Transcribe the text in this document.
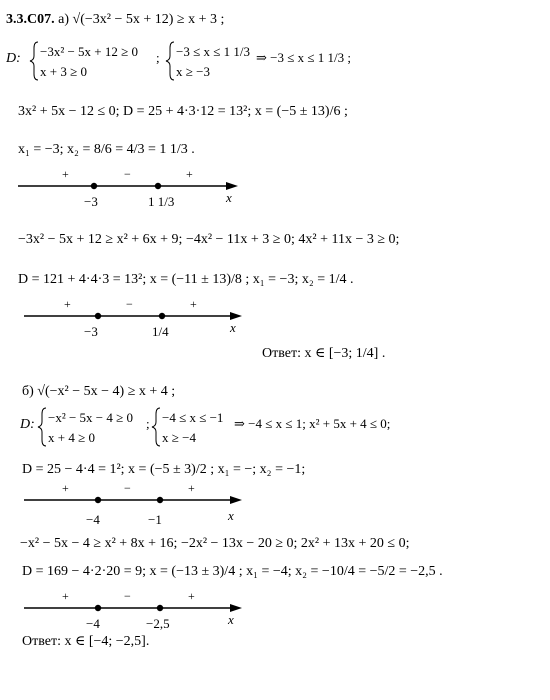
3.3.С07. а) √(−3x² − 5x + 12) ≥ x + 3 ;
D: −3x² − 5x + 12 ≥ 0
x + 3 ≥ 0
; −3 ≤ x ≤ 1 1/3
x ≥ −3
⇒ −3 ≤ x ≤ 1 1/3 ;
3x² + 5x − 12 ≤ 0; D = 25 + 4·3·12 = 13²; x = (−5 ± 13)/6 ;
x₁ = −3; x₂ = 8/6 = 4/3 = 1 1/3 .
+	−	+
−3	1 1/3	x
−3x² − 5x + 12 ≥ x² + 6x + 9; −4x² − 11x + 3 ≥ 0; 4x² + 11x − 3 ≥ 0;
D = 121 + 4·4·3 = 13²; x = (−11 ± 13)/8 ; x₁ = −3; x₂ = 1/4 .
+	−	+
−3	1/4	x
Ответ: x ∈ [−3; 1/4] .
б) √(−x² − 5x − 4) ≥ x + 4 ;
D: −x² − 5x − 4 ≥ 0
x + 4 ≥ 0
; −4 ≤ x ≤ −1
x ≥ −4
⇒ −4 ≤ x ≤ 1; x² + 5x + 4 ≤ 0;
D = 25 − 4·4 = 1²; x = (−5 ± 3)/2 ; x₁ = −; x₂ = −1;
+	−	+
−4	−1	x
−x² − 5x − 4 ≥ x² + 8x + 16; −2x² − 13x − 20 ≥ 0; 2x² + 13x + 20 ≤ 0;
D = 169 − 4·2·20 = 9; x = (−13 ± 3)/4 ; x₁ = −4; x₂ = −10/4 = −5/2 = −2,5 .
+	−	+
−4	−2,5	x
Ответ: x ∈ [−4; −2,5].
